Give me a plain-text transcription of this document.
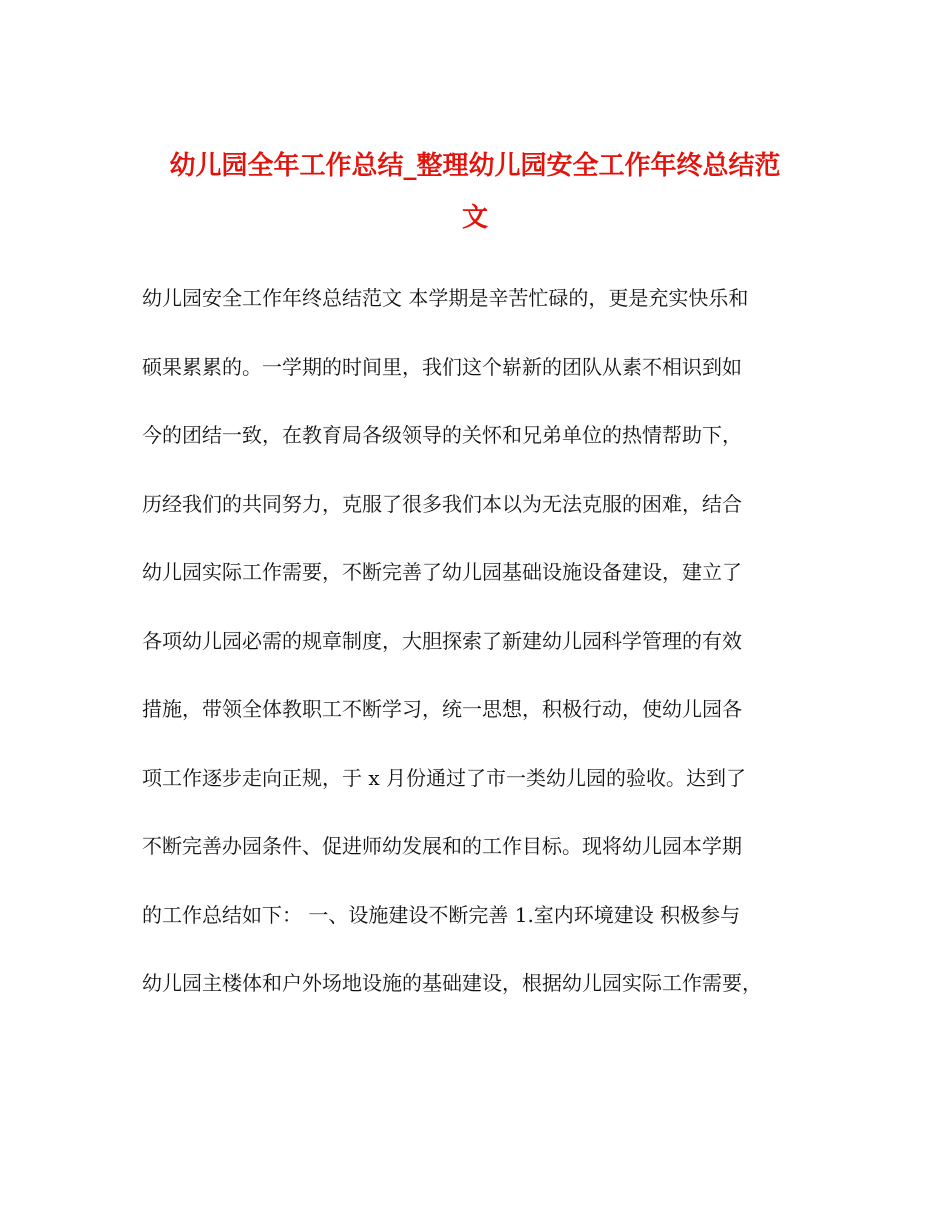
幼儿园全年工作总结_整理幼儿园安全工作年终总结范
文
幼儿园安全工作年终总结范文 本学期是辛苦忙碌的，更是充实快乐和
硕果累累的。一学期的时间里，我们这个崭新的团队从素不相识到如
今的团结一致，在教育局各级领导的关怀和兄弟单位的热情帮助下，
历经我们的共同努力，克服了很多我们本以为无法克服的困难，结合
幼儿园实际工作需要，不断完善了幼儿园基础设施设备建设，建立了
各项幼儿园必需的规章制度，大胆探索了新建幼儿园科学管理的有效
措施，带领全体教职工不断学习，统一思想，积极行动，使幼儿园各
项工作逐步走向正规，于 x 月份通过了市一类幼儿园的验收。达到了
不断完善办园条件、促进师幼发展和的工作目标。现将幼儿园本学期
的工作总结如下： 一、设施建设不断完善 1.室内环境建设 积极参与
幼儿园主楼体和户外场地设施的基础建设，根据幼儿园实际工作需要，
